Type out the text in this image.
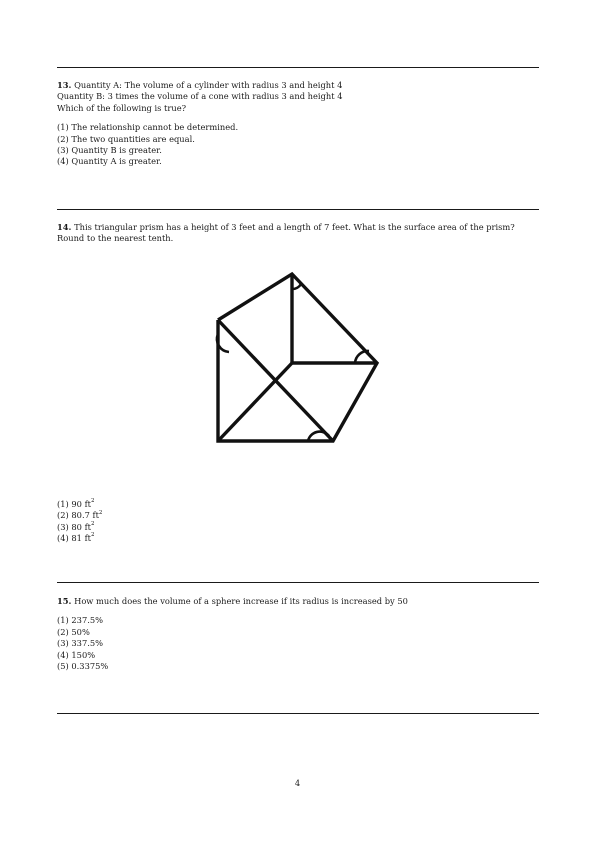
13. Quantity A: The volume of a cylinder with radius 3 and height 4

Quantity B: 3 times the volume of a cone with radius 3 and height 4

Which of the following is true?

(1) The relationship cannot be determined.
(2) The two quantities are equal.
(3) Quantity B is greater.
(4) Quantity A is greater.

14. This triangular prism has a height of 3 feet and a length of 7 feet. What is the surface area of the prism? Round to the nearest tenth.

(1) 90 $ft^2$
(2) 80.7 $ft^2$
(3) 80 $ft^2$
(4) 81 $ft^2$

15. How much does the volume of a sphere increase if its radius is increased by 50

(1) 237.5%
(2) 50%
(3) 337.5%
(4) 150%
(5) 0.3375%
4
